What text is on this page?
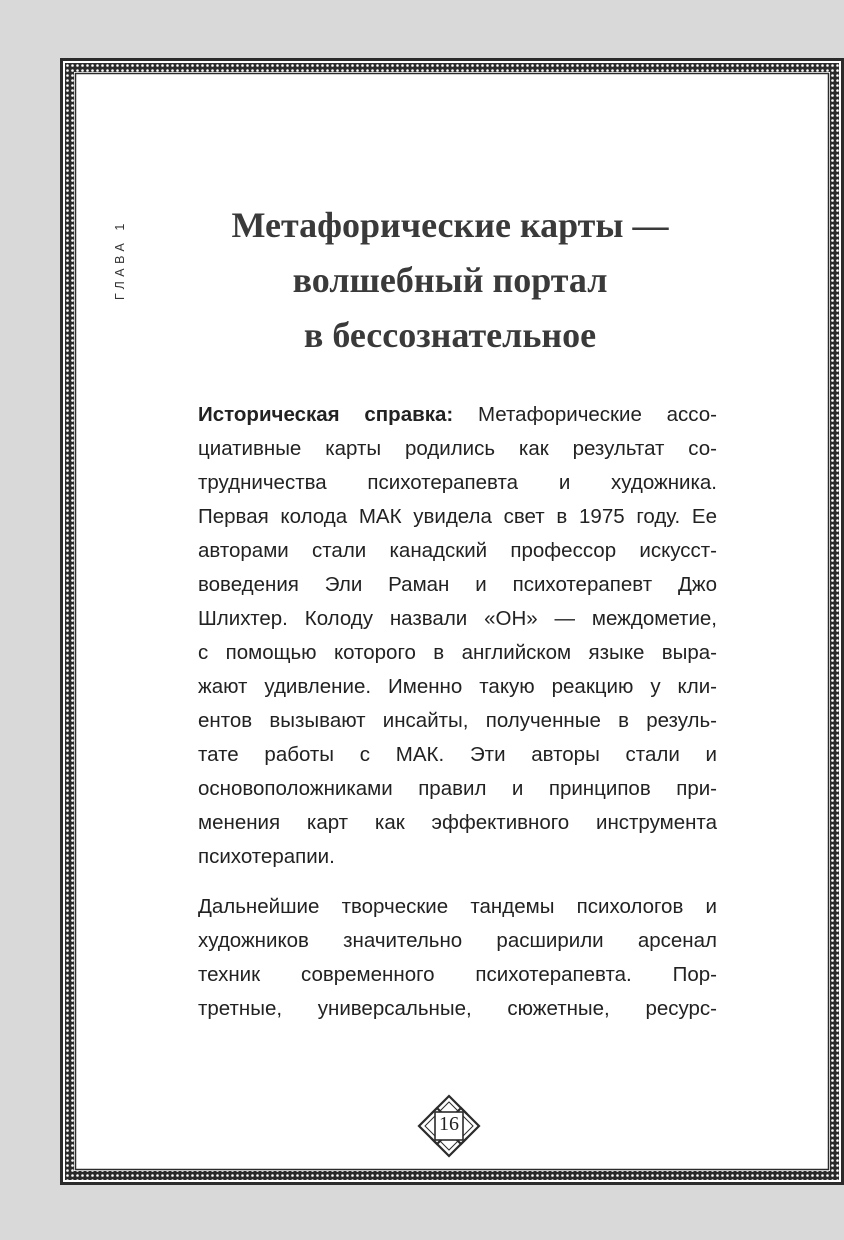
ГЛАВА 1	Метафорические карты —
волшебный портал
в бессознательное
Историческая справка: Метафорические ассо-
циативные карты родились как результат со-
трудничества психотерапевта и художника.
Первая колода МАК увидела свет в 1975 году. Ее
авторами стали канадский профессор искусст-
воведения Эли Раман и психотерапевт Джо
Шлихтер. Колоду назвали «ОН» — междометие,
с помощью которого в английском языке выра-
жают удивление. Именно такую реакцию у кли-
ентов вызывают инсайты, полученные в резуль-
тате работы с МАК. Эти авторы стали и
основоположниками правил и принципов при-
менения карт как эффективного инструмента
психотерапии.
Дальнейшие творческие тандемы психологов и
художников значительно расширили арсенал
техник современного психотерапевта. Пор-
третные, универсальные, сюжетные, ресурс-
16
